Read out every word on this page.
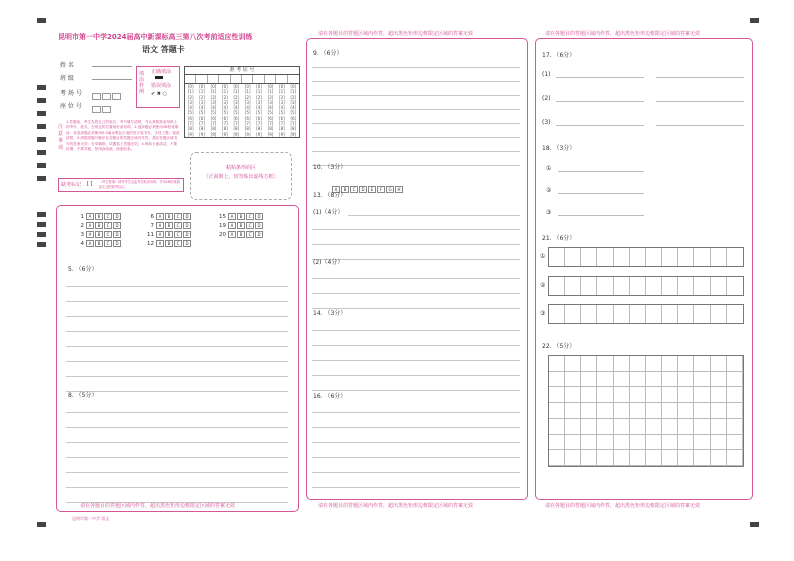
昆明市第一中学2024届高中新课标高三第八次考前适应性训练
语文 答题卡
姓 名
班 级
考 场 号
座 位 号
填涂样例
正确填涂
错误填涂
✔ ✖ ○
准 考 证 号
[0]	[0]	[0]	[0]	[0]	[0]	[0]	[0]	[0]	[0]
[1]	[1]	[1]	[1]	[1]	[1]	[1]	[1]	[1]	[1]
[2]	[2]	[2]	[2]	[2]	[2]	[2]	[2]	[2]	[2]
[3]	[3]	[3]	[3]	[3]	[3]	[3]	[3]	[3]	[3]
[4]	[4]	[4]	[4]	[4]	[4]	[4]	[4]	[4]	[4]
[5]	[5]	[5]	[5]	[5]	[5]	[5]	[5]	[5]	[5]
[6]	[6]	[6]	[6]	[6]	[6]	[6]	[6]	[6]	[6]
[7]	[7]	[7]	[7]	[7]	[7]	[7]	[7]	[7]	[7]
[8]	[8]	[8]	[8]	[8]	[8]	[8]	[8]	[8]	[8]
[9]	[9]	[9]	[9]	[9]	[9]	[9]	[9]	[9]	[9]
注意事项
1.答题前，考生先将自己的姓名、考号填写清楚，并认真核准条形码上的考号、姓名，在规定的位置贴好条形码。2.选择题必须使用2B铅笔填涂；非选择题必须使用0.5毫米黑色字迹的签字笔书写，字体工整、笔迹清楚。3.请按照题号顺序在各题目的答题区域内作答，超出答题区域书写的答案无效；在草稿纸、试题卷上答题无效。4.保持卡面清洁，不要折叠、不要弄破，禁用涂改液、涂改胶条。
缺考标记 [ ] （考生禁填）缺考考生由监考员贴条形码，并用2B铅笔填涂左边的缺考标记。
粘贴条形码区
（正面朝上，切勿贴出虚线方框）
1 A B C D
2 A B C D
3 A B C D
4 A B C D
6 A B C D
7 A B C D
11 A B C D
12 A B C D
15 A B C D
19 A B C D
20 A B C D
5. （6分）
8. （5分）
请在各题目的答题区域内作答，超出黑色矩形边框限定区域的答案无效
昆明市第一中学 语文
请在各题目的答题区域内作答，超出黑色矩形边框限定区域的答案无效
9. （6分）
10. （3分）
A B C D E F G H
13. （8分）
(1)（4分）
(2)（4分）
14. （3分）
16. （6分）
请在各题目的答题区域内作答，超出黑色矩形边框限定区域的答案无效
请在各题目的答题区域内作答，超出黑色矩形边框限定区域的答案无效
17. （6分）
(1)
(2)
(3)
18. （3分）
①
②
③
21. （6分）
①
②
③
22. （5分）
请在各题目的答题区域内作答，超出黑色矩形边框限定区域的答案无效
